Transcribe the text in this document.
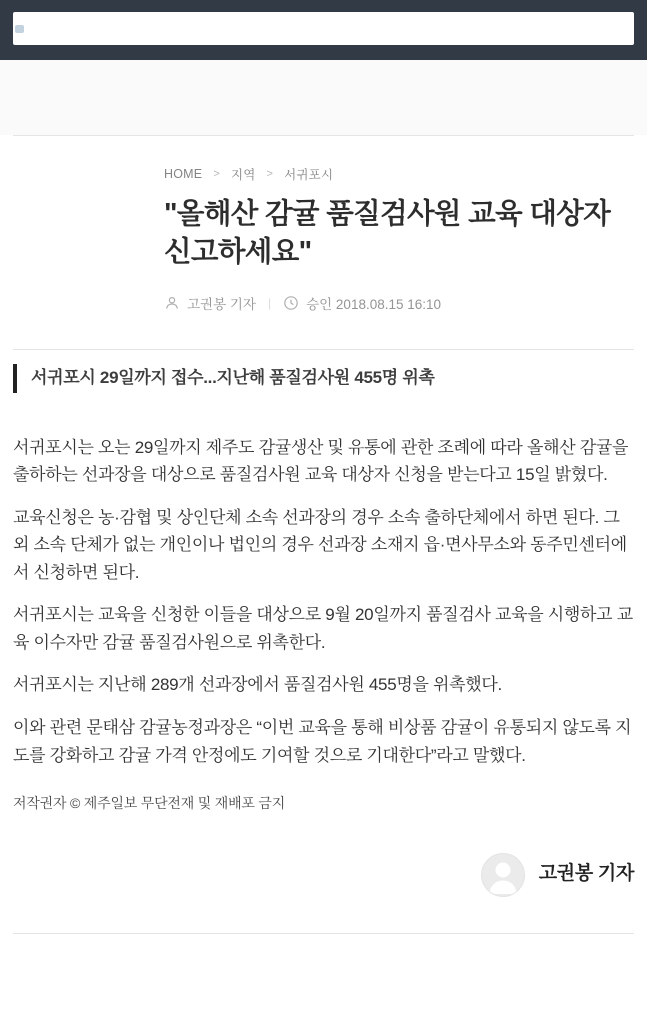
HOME > 지역 > 서귀포시
"올해산 감귤 품질검사원 교육 대상자 신고하세요"
고권봉 기자 |	승인 2018.08.15 16:10
서귀포시 29일까지 접수...지난해 품질검사원 455명 위촉

서귀포시는 오는 29일까지 제주도 감귤생산 및 유통에 관한 조례에 따라 올해산 감귤을 출하하는 선과장을 대상으로 품질검사원 교육 대상자 신청을 받는다고 15일 밝혔다.

교육신청은 농·감협 및 상인단체 소속 선과장의 경우 소속 출하단체에서 하면 된다. 그 외 소속 단체가 없는 개인이나 법인의 경우 선과장 소재지 읍·면사무소와 동주민센터에서 신청하면 된다.

서귀포시는 교육을 신청한 이들을 대상으로 9월 20일까지 품질검사 교육을 시행하고 교육 이수자만 감귤 품질검사원으로 위촉한다.

서귀포시는 지난해 289개 선과장에서 품질검사원 455명을 위촉했다.

이와 관련 문태삼 감귤농정과장은 “이번 교육을 통해 비상품 감귤이 유통되지 않도록 지도를 강화하고 감귤 가격 안정에도 기여할 것으로 기대한다”라고 말했다.

저작권자 © 제주일보 무단전재 및 재배포 금지
고권봉 기자
